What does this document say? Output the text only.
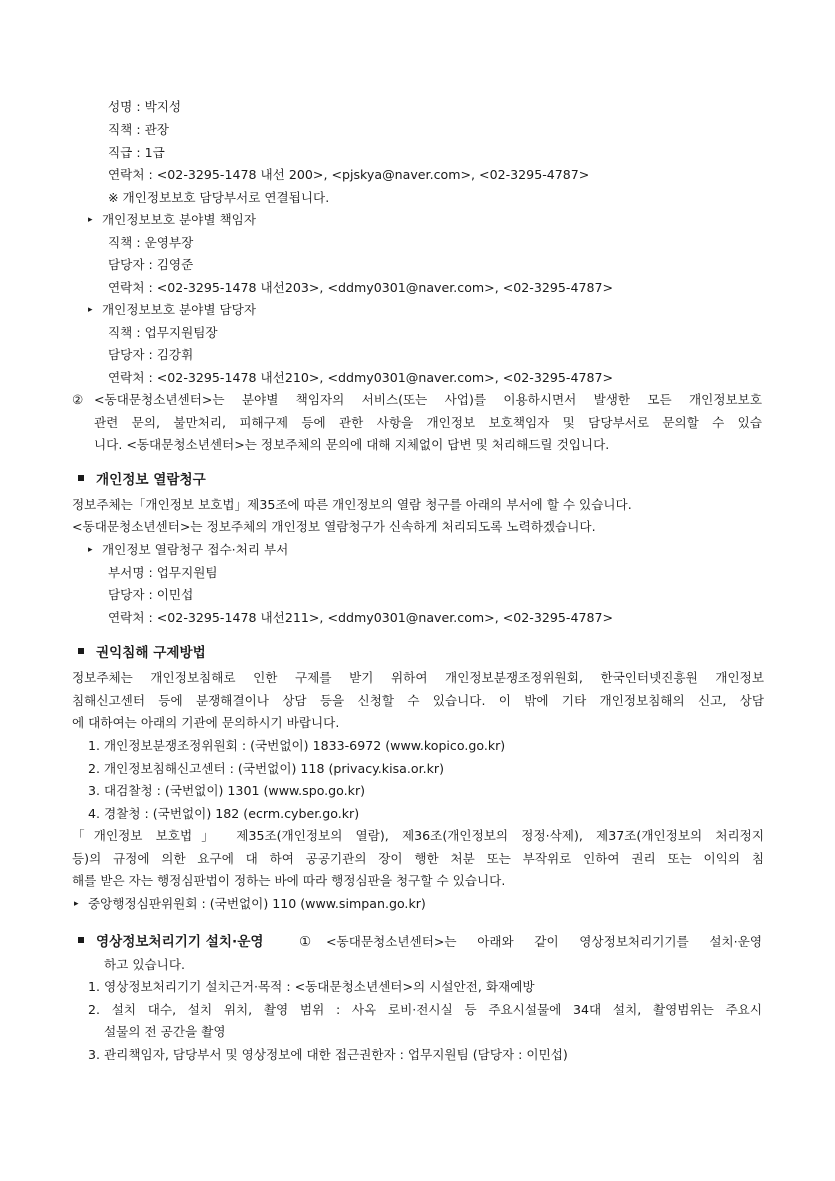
성명 : 박지성
직책 : 관장
직급 : 1급
연락처 : <02-3295-1478 내선 200>, <pjskya@naver.com>, <02-3295-4787>
※ 개인정보보호 담당부서로 연결됩니다.
▸ 개인정보보호 분야별 책임자
직책 : 운영부장
담당자 : 김영준
연락처 : <02-3295-1478 내선203>, <ddmy0301@naver.com>, <02-3295-4787>
▸ 개인정보보호 분야별 담당자
직책 : 업무지원팀장
담당자 : 김강휘
연락처 : <02-3295-1478 내선210>, <ddmy0301@naver.com>, <02-3295-4787>
② <동대문청소년센터>는 분야별 책임자의 서비스(또는 사업)를 이용하시면서 발생한 모든 개인정보보호
관련 문의, 불만처리, 피해구제 등에 관한 사항을 개인정보 보호책임자 및 담당부서로 문의할 수 있습
니다. <동대문청소년센터>는 정보주체의 문의에 대해 지체없이 답변 및 처리해드릴 것입니다.
개인정보 열람청구
정보주체는「개인정보 보호법」제35조에 따른 개인정보의 열람 청구를 아래의 부서에 할 수 있습니다.
<동대문청소년센터>는 정보주체의 개인정보 열람청구가 신속하게 처리되도록 노력하겠습니다.
▸ 개인정보 열람청구 접수·처리 부서
부서명 : 업무지원팀
담당자 : 이민섭
연락처 : <02-3295-1478 내선211>, <ddmy0301@naver.com>, <02-3295-4787>
권익침해 구제방법
정보주체는 개인정보침해로 인한 구제를 받기 위하여 개인정보분쟁조정위원회, 한국인터넷진흥원 개인정보
침해신고센터 등에 분쟁해결이나 상담 등을 신청할 수 있습니다. 이 밖에 기타 개인정보침해의 신고, 상담
에 대하여는 아래의 기관에 문의하시기 바랍니다.
1. 개인정보분쟁조정위원회 : (국번없이) 1833-6972 (www.kopico.go.kr)
2. 개인정보침해신고센터 : (국번없이) 118 (privacy.kisa.or.kr)
3. 대검찰청 : (국번없이) 1301 (www.spo.go.kr)
4. 경찰청 : (국번없이) 182 (ecrm.cyber.go.kr)
「개인정보 보호법」 제35조(개인정보의 열람), 제36조(개인정보의 정정·삭제), 제37조(개인정보의 처리정지
등)의 규정에 의한 요구에 대 하여 공공기관의 장이 행한 처분 또는 부작위로 인하여 권리 또는 이익의 침
해를 받은 자는 행정심판법이 정하는 바에 따라 행정심판을 청구할 수 있습니다.
▸ 중앙행정심판위원회 : (국번없이) 110 (www.simpan.go.kr)
영상정보처리기기 설치·운영	① <동대문청소년센터>는 아래와 같이 영상정보처리기기를 설치·운영
하고 있습니다.
1. 영상정보처리기기 설치근거·목적 : <동대문청소년센터>의 시설안전, 화재예방
2. 설치 대수, 설치 위치, 촬영 범위 : 사옥 로비·전시실 등 주요시설물에 34대 설치, 촬영범위는 주요시
설물의 전 공간을 촬영
3. 관리책임자, 담당부서 및 영상정보에 대한 접근권한자 : 업무지원팀 (담당자 : 이민섭)
